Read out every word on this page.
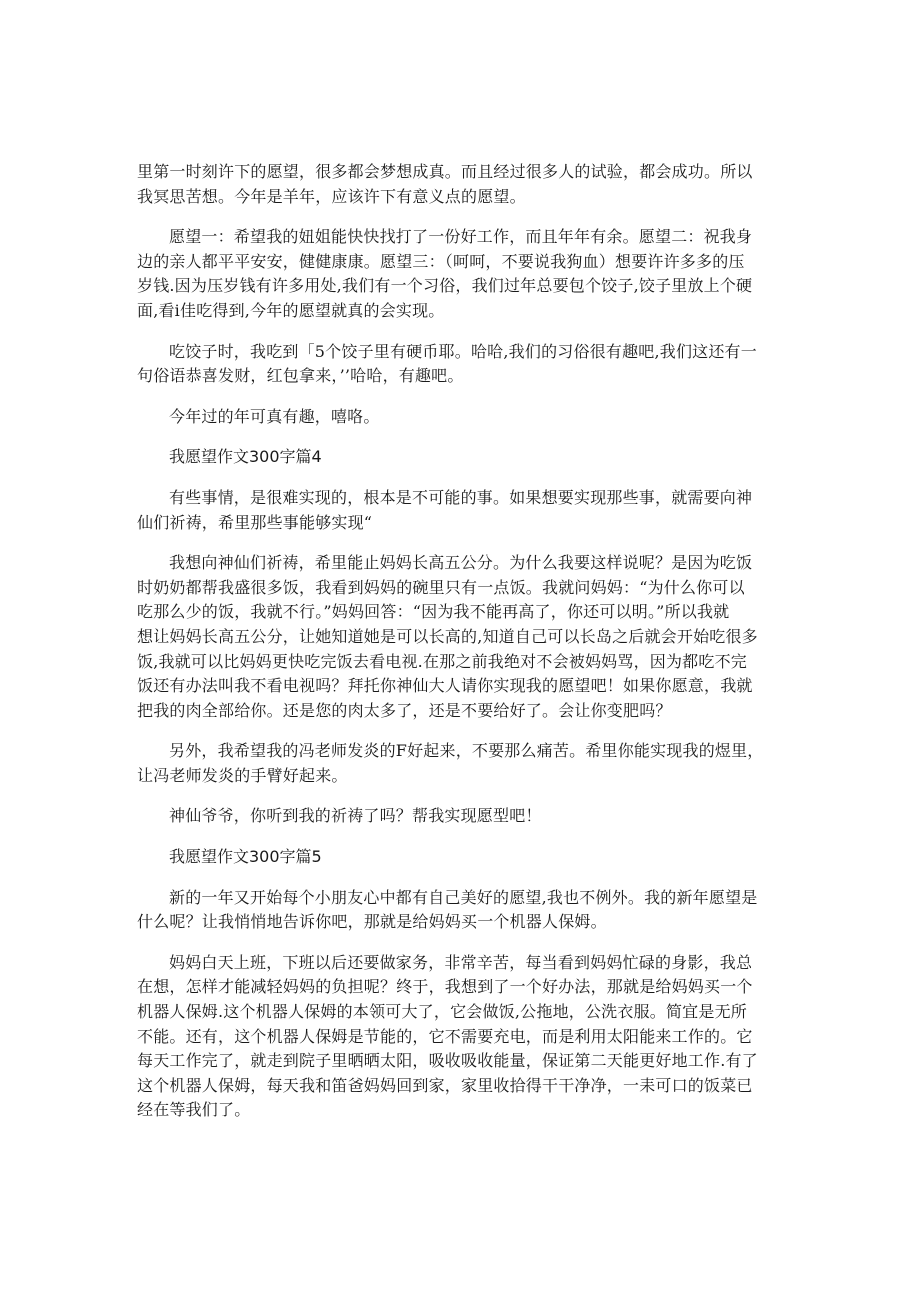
里第一时刻许下的愿望，很多都会梦想成真。而且经过很多人的试验，都会成功。所以
我冥思苦想。今年是羊年，应该许下有意义点的愿望。
愿望一：希望我的妞姐能快快找打了一份好工作，而且年年有余。愿望二：祝我身
边的亲人都平平安安，健健康康。愿望三：（呵呵，不要说我狗血）想要许许多多的压
岁钱.因为压岁钱有许多用处,我们有一个习俗，我们过年总要包个饺子,饺子里放上个硬
面,看i佳吃得到,今年的愿望就真的会实现。
吃饺子时，我吃到「5个饺子里有硬币耶。哈哈,我们的习俗很有趣吧,我们这还有一
句俗语恭喜发财，红包拿来，’’哈哈，有趣吧。
今年过的年可真有趣，嘻咯。
我愿望作文300字篇4
有些事情，是很难实现的，根本是不可能的事。如果想要实现那些事，就需要向神
仙们祈祷，希里那些事能够实现“
我想向神仙们祈祷，希里能止妈妈长高五公分。为什么我要这样说呢？是因为吃饭
时奶奶都帮我盛很多饭，我看到妈妈的碗里只有一点饭。我就问妈妈：“为什么你可以
吃那么少的饭，我就不行。”妈妈回答：“因为我不能再高了，你还可以明。”所以我就
想让妈妈长高五公分，让她知道她是可以长高的,知道自己可以长岛之后就会开始吃很多
饭,我就可以比妈妈更快吃完饭去看电视.在那之前我绝对不会被妈妈骂，因为都吃不完
饭还有办法叫我不看电视吗？拜托你神仙大人请你实现我的愿望吧！如果你愿意，我就
把我的肉全部给你。还是您的肉太多了，还是不要给好了。会让你变肥吗？
另外，我希望我的冯老师发炎的F好起来，不要那么痛苦。希里你能实现我的煜里，
让冯老师发炎的手臂好起来。
神仙爷爷，你听到我的祈祷了吗？帮我实现愿型吧！
我愿望作文300字篇5
新的一年又开始每个小朋友心中都有自己美好的愿望,我也不例外。我的新年愿望是
什么呢？让我悄悄地告诉你吧，那就是给妈妈买一个机器人保姆。
妈妈白天上班，下班以后还要做家务，非常辛苦，每当看到妈妈忙碌的身影，我总
在想，怎样才能减轻妈妈的负担呢？终于，我想到了一个好办法，那就是给妈妈买一个
机器人保姆.这个机器人保姆的本领可大了，它会做饭,公拖地，公洗衣服。简宜是无所
不能。还有，这个机器人保姆是节能的，它不需要充电，而是利用太阳能来工作的。它
每天工作完了，就走到院子里晒晒太阳，吸收吸收能量，保证第二天能更好地工作.有了
这个机器人保姆，每天我和笛爸妈妈回到家，家里收拾得干干净净，一耒可口的饭菜已
经在等我们了。
